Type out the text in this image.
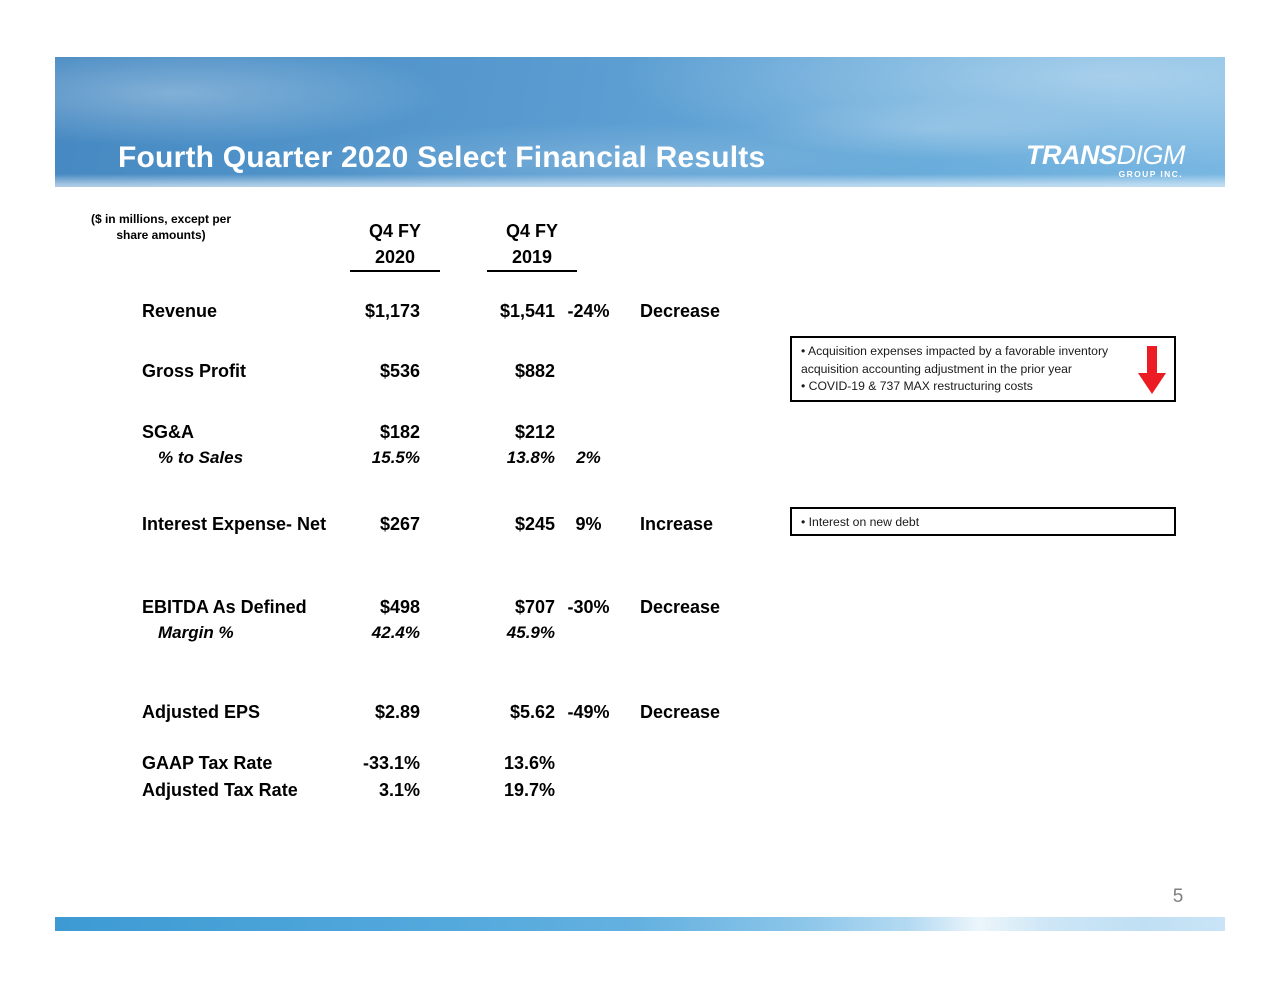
Fourth Quarter 2020 Select Financial Results	TRANSDIGM
GROUP INC.
($ in millions, except per
share amounts)	Q4 FY
2020
Q4 FY
2019
Revenue	$1,173	$1,541 -24%	Decrease
Gross Profit	$536	$882
SG&A	$182	$212
% to Sales	15.5%	13.8%	2%
Interest Expense- Net	$267	$245	9%	Increase
EBITDA As Defined	$498	$707 -30%	Decrease
Margin %	42.4%	45.9%
Adjusted EPS	$2.89	$5.62 -49%	Decrease
GAAP Tax Rate	-33.1%	13.6%
Adjusted Tax Rate	3.1%	19.7%
• Acquisition expenses impacted by a favorable inventory acquisition accounting adjustment in the prior year
• COVID-19 & 737 MAX restructuring costs
• Interest on new debt
5
